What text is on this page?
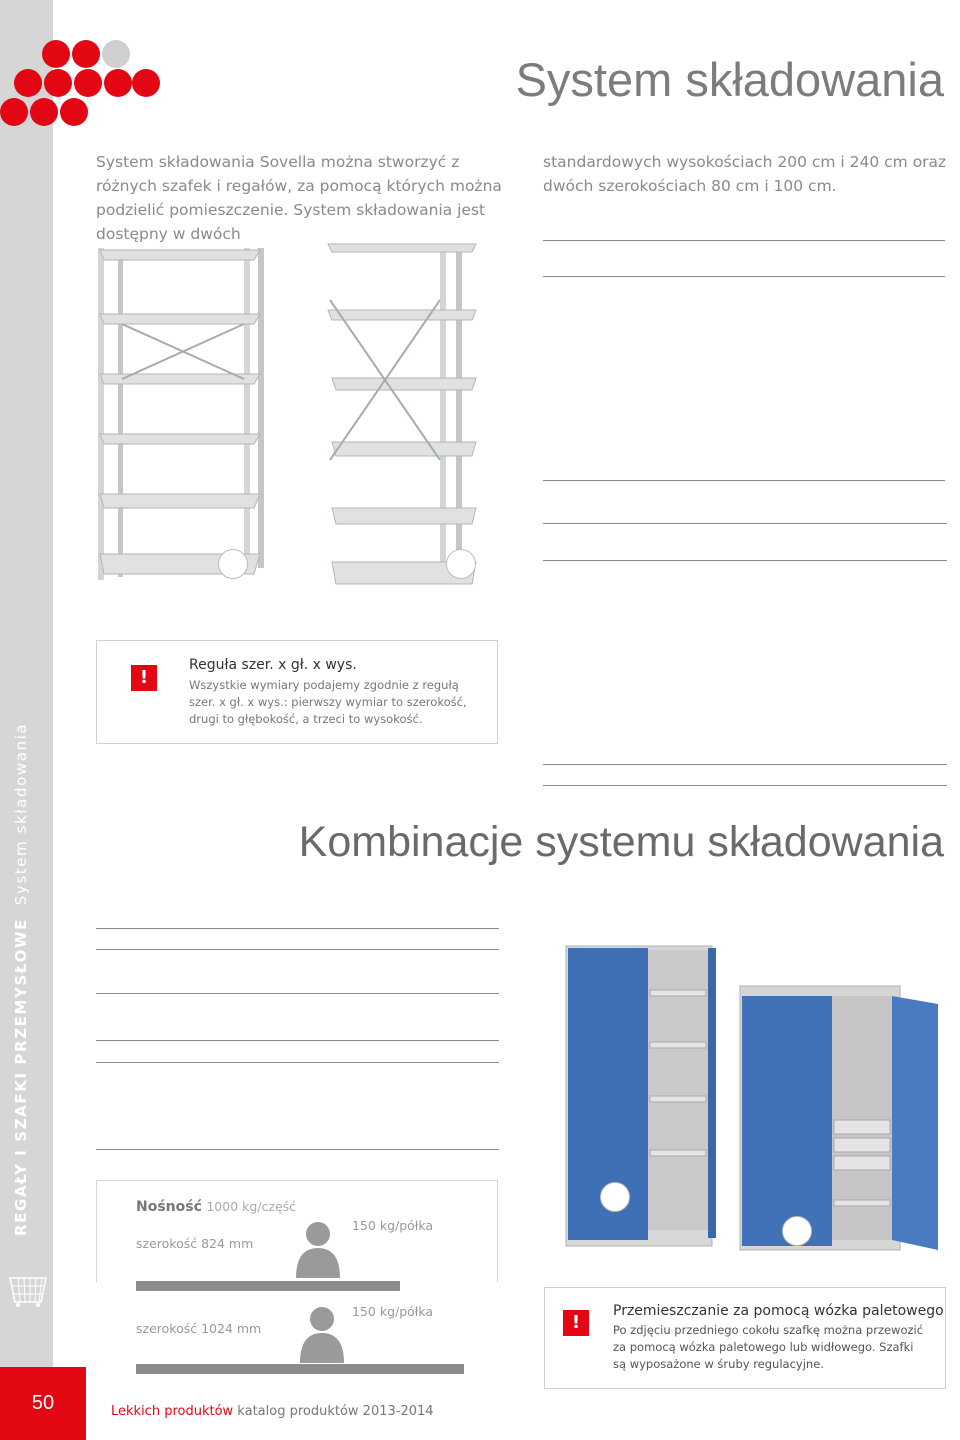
REGAŁY I SZAFKI PRZEMYSŁOWE  System składowania
50
System składowania
System składowania Sovella można stworzyć z różnych szafek i regałów, za pomocą których można podzielić pomieszczenie. System składowania jest dostępny w dwóch
standardowych wysokościach 200 cm i 240 cm oraz dwóch szerokościach 80 cm i 100 cm.
!
Reguła szer. x gł. x wys.
Wszystkie wymiary podajemy zgodnie z regułą szer. x gł. x wys.: pierwszy wymiar to szerokość, drugi to głębokość, a trzeci to wysokość.
Kombinacje systemu składowania
Nośność 1000 kg/część
szerokość 824 mm
150 kg/półka
szerokość 1024 mm
150 kg/półka
!
Przemieszczanie za pomocą wózka paletowego
Po zdjęciu przedniego cokołu szafkę można przewozić za pomocą wózka paletowego lub widłowego. Szafki są wyposażone w śruby regulacyjne.
Lekkich produktów katalog produktów 2013-2014
